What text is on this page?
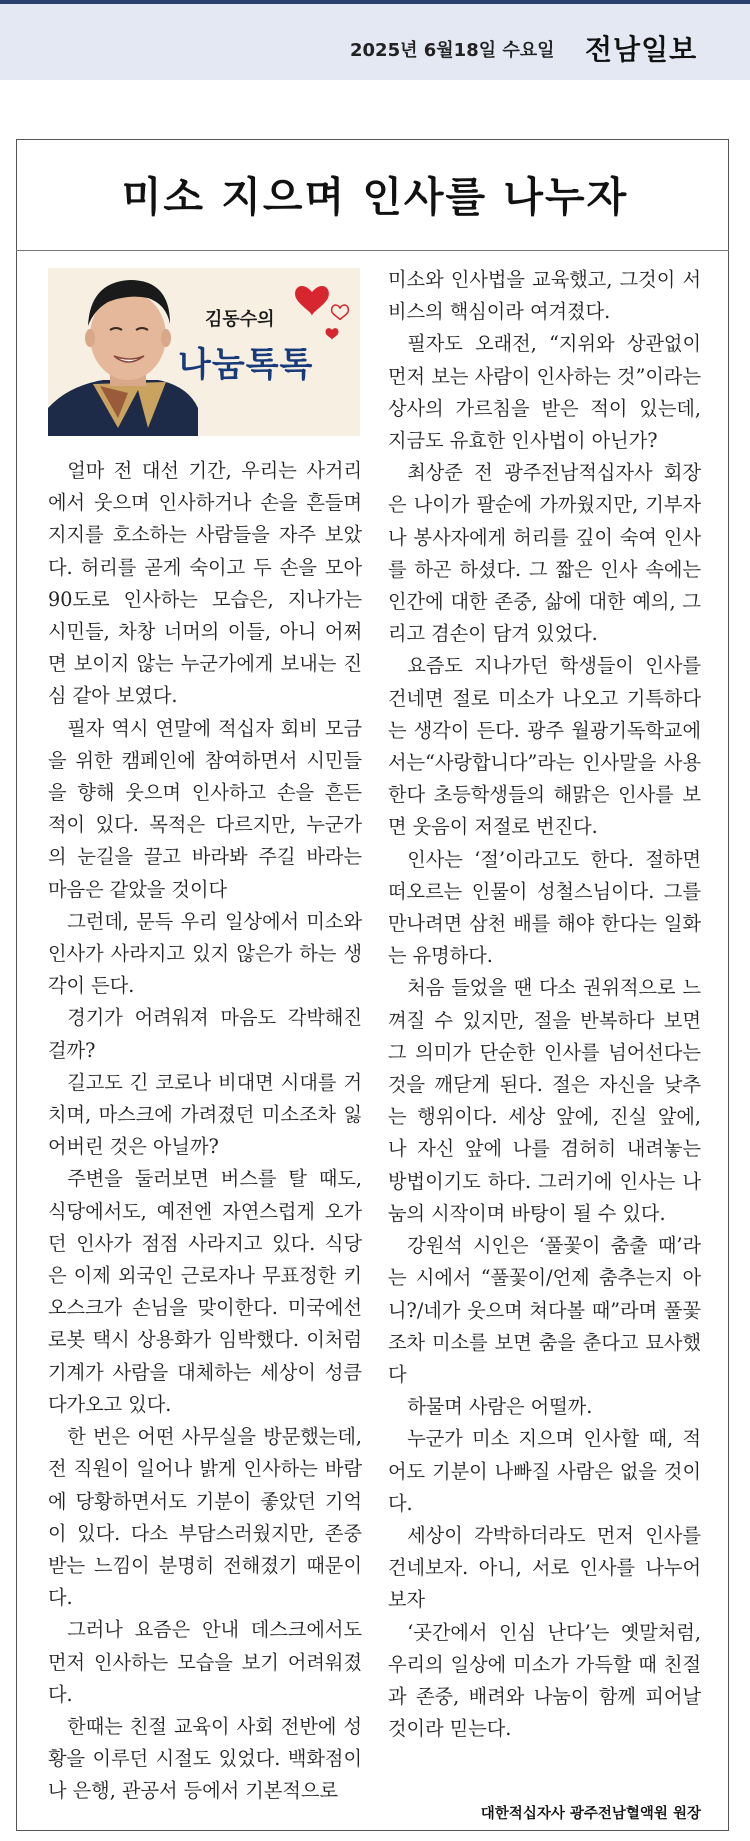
2025년 6월18일 수요일 전남일보
미소 지으며 인사를 나누자
김동수의
나눔톡톡

얼마 전 대선 기간, 우리는 사거리에서 웃으며 인사하거나 손을 흔들며 지지를 호소하는 사람들을 자주 보았다. 허리를 곧게 숙이고 두 손을 모아 90도로 인사하는 모습은, 지나가는 시민들, 차창 너머의 이들, 아니 어쩌면 보이지 않는 누군가에게 보내는 진심 같아 보였다.

필자 역시 연말에 적십자 회비 모금을 위한 캠페인에 참여하면서 시민들을 향해 웃으며 인사하고 손을 흔든 적이 있다. 목적은 다르지만, 누군가의 눈길을 끌고 바라봐 주길 바라는 마음은 같았을 것이다

그런데, 문득 우리 일상에서 미소와 인사가 사라지고 있지 않은가 하는 생각이 든다.

경기가 어려워져 마음도 각박해진 걸까?

길고도 긴 코로나 비대면 시대를 거치며, 마스크에 가려졌던 미소조차 잃어버린 것은 아닐까?

주변을 둘러보면 버스를 탈 때도, 식당에서도, 예전엔 자연스럽게 오가던 인사가 점점 사라지고 있다. 식당은 이제 외국인 근로자나 무표정한 키오스크가 손님을 맞이한다. 미국에선 로봇 택시 상용화가 임박했다. 이처럼 기계가 사람을 대체하는 세상이 성큼 다가오고 있다.

한 번은 어떤 사무실을 방문했는데, 전 직원이 일어나 밝게 인사하는 바람에 당황하면서도 기분이 좋았던 기억이 있다. 다소 부담스러웠지만, 존중받는 느낌이 분명히 전해졌기 때문이다.

그러나 요즘은 안내 데스크에서도 먼저 인사하는 모습을 보기 어려워졌다.

한때는 친절 교육이 사회 전반에 성황을 이루던 시절도 있었다. 백화점이나 은행, 관공서 등에서 기본적으로

미소와 인사법을 교육했고, 그것이 서비스의 핵심이라 여겨졌다.

필자도 오래전, “지위와 상관없이 먼저 보는 사람이 인사하는 것”이라는 상사의 가르침을 받은 적이 있는데, 지금도 유효한 인사법이 아닌가?

최상준 전 광주전남적십자사 회장은 나이가 팔순에 가까웠지만, 기부자나 봉사자에게 허리를 깊이 숙여 인사를 하곤 하셨다. 그 짧은 인사 속에는 인간에 대한 존중, 삶에 대한 예의, 그리고 겸손이 담겨 있었다.

요즘도 지나가던 학생들이 인사를 건네면 절로 미소가 나오고 기특하다는 생각이 든다. 광주 월광기독학교에서는“사랑합니다”라는 인사말을 사용한다 초등학생들의 해맑은 인사를 보면 웃음이 저절로 번진다.

인사는 ‘절’이라고도 한다. 절하면 떠오르는 인물이 성철스님이다. 그를 만나려면 삼천 배를 해야 한다는 일화는 유명하다.

처음 들었을 땐 다소 권위적으로 느껴질 수 있지만, 절을 반복하다 보면 그 의미가 단순한 인사를 넘어선다는 것을 깨닫게 된다. 절은 자신을 낮추는 행위이다. 세상 앞에, 진실 앞에, 나 자신 앞에 나를 겸허히 내려놓는 방법이기도 하다. 그러기에 인사는 나눔의 시작이며 바탕이 될 수 있다.

강원석 시인은 ‘풀꽃이 춤출 때’라는 시에서 “풀꽃이/언제 춤추는지 아니?/네가 웃으며 쳐다볼 때”라며 풀꽃조차 미소를 보면 춤을 춘다고 묘사했다

하물며 사람은 어떨까.

누군가 미소 지으며 인사할 때, 적어도 기분이 나빠질 사람은 없을 것이다.

세상이 각박하더라도 먼저 인사를 건네보자. 아니, 서로 인사를 나누어 보자

‘곳간에서 인심 난다’는 옛말처럼, 우리의 일상에 미소가 가득할 때 친절과 존중, 배려와 나눔이 함께 피어날 것이라 믿는다.

대한적십자사 광주전남혈액원 원장
